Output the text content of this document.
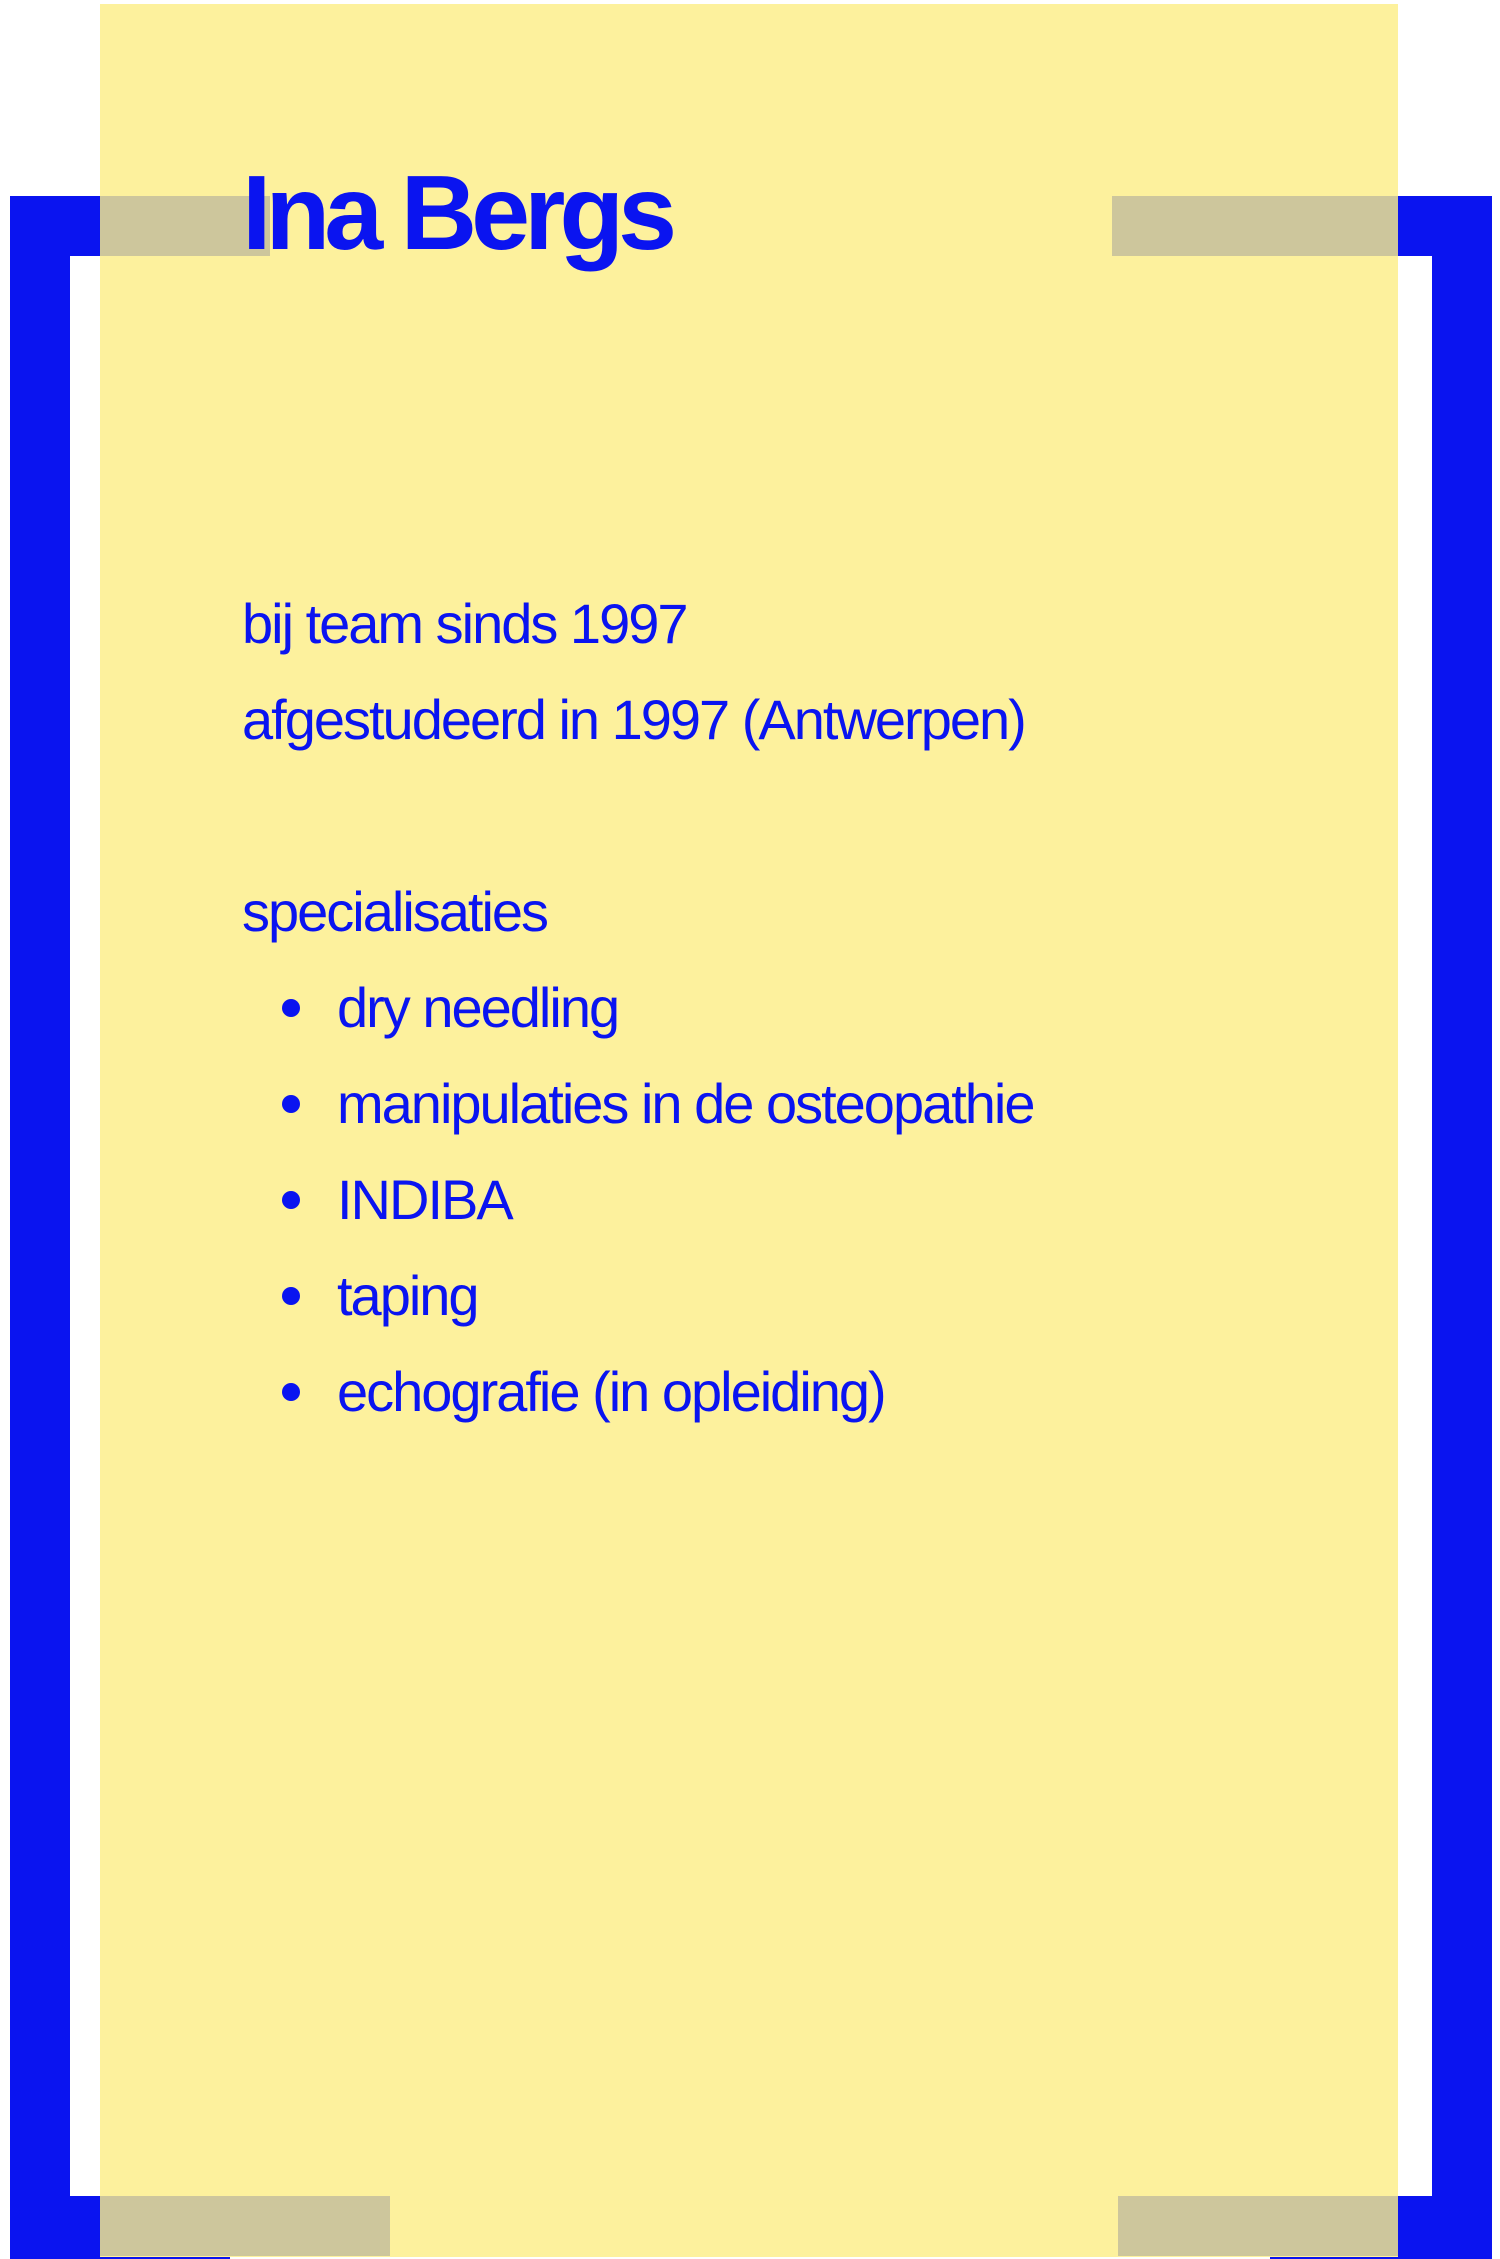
Ina Bergs
bij team sinds 1997
afgestudeerd in 1997 (Antwerpen)
specialisaties
dry needling
manipulaties in de osteopathie
INDIBA
taping
echografie (in opleiding)
